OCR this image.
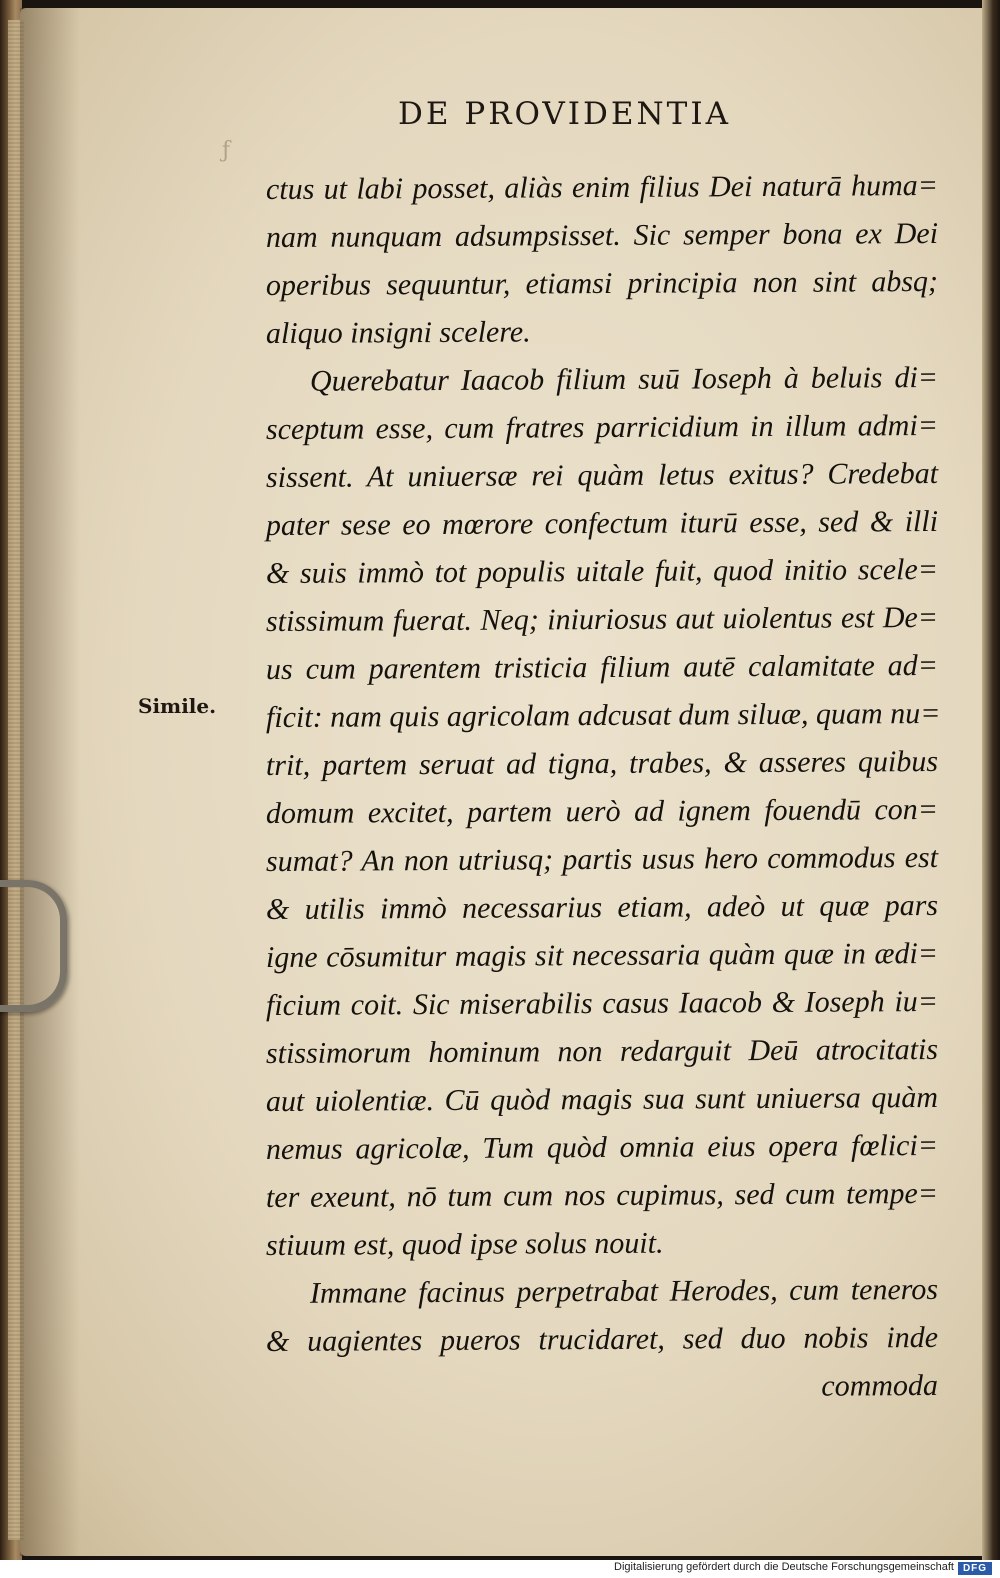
DE PROVIDENTIA
ƒ
Simile.
ctus ut labi posset, aliàs enim filius Dei naturā huma=
nam nunquam adsumpsisset. Sic semper bona ex Dei
operibus sequuntur, etiamsi principia non sint absq;
aliquo insigni scelere.
Querebatur Iaacob filium suū Ioseph à beluis di=
sceptum esse, cum fratres parricidium in illum admi=
sissent. At uniuersæ rei quàm letus exitus? Credebat
pater sese eo mœrore confectum iturū esse, sed & illi
& suis immò tot populis uitale fuit, quod initio scele=
stissimum fuerat. Neq; iniuriosus aut uiolentus est De=
us cum parentem tristicia filium autē calamitate ad=
ficit: nam quis agricolam adcusat dum siluæ, quam nu=
trit, partem seruat ad tigna, trabes, & asseres quibus
domum excitet, partem uerò ad ignem fouendū con=
sumat? An non utriusq; partis usus hero commodus est
& utilis immò necessarius etiam, adeò ut quæ pars
igne cōsumitur magis sit necessaria quàm quæ in ædi=
ficium coit. Sic miserabilis casus Iaacob & Ioseph iu=
stissimorum hominum non redarguit Deū atrocitatis
aut uiolentiæ. Cū quòd magis sua sunt uniuersa quàm
nemus agricolæ, Tum quòd omnia eius opera fœlici=
ter exeunt, nō tum cum nos cupimus, sed cum tempe=
stiuum est, quod ipse solus nouit.
Immane facinus perpetrabat Herodes, cum teneros
& uagientes pueros trucidaret, sed duo nobis inde
commoda
Digitalisierung gefördert durch die Deutsche Forschungsgemeinschaft DFG
